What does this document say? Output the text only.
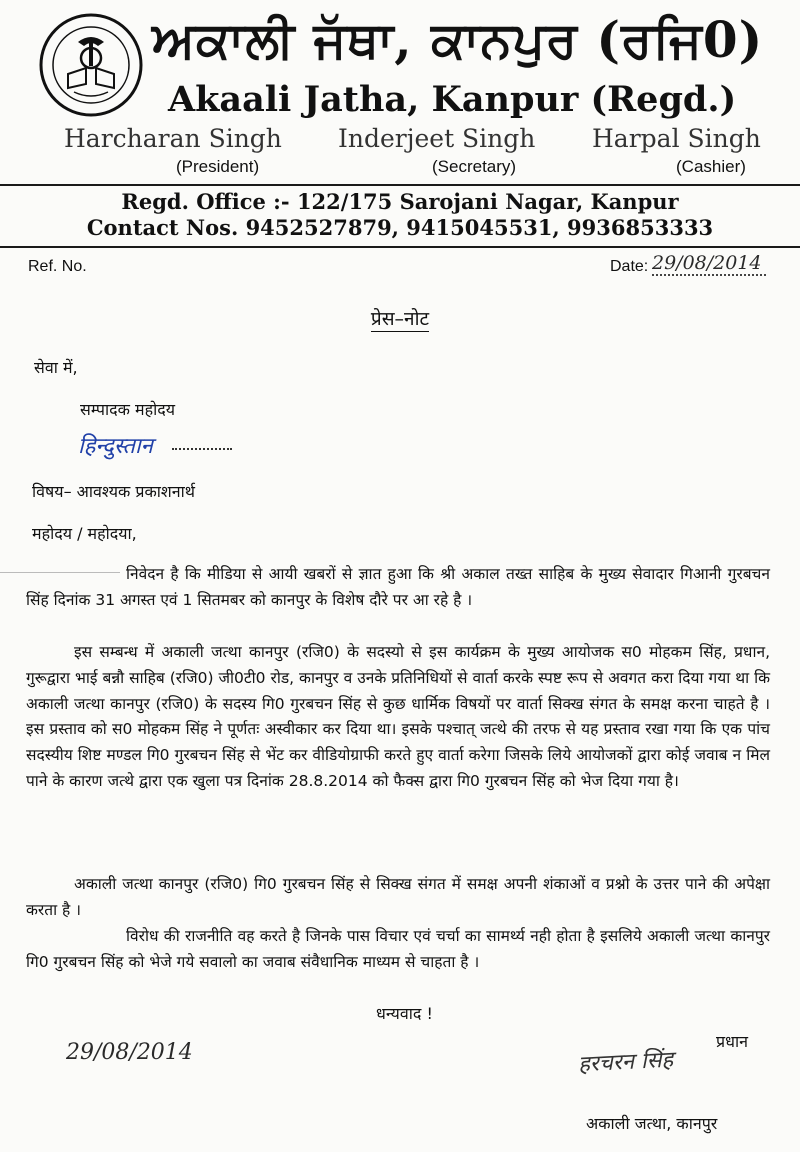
ਅਕਾਲੀ ਜੱਥਾ, ਕਾਨਪੁਰ (ਰਜਿ0)
Akaali Jatha, Kanpur (Regd.)
Harcharan Singh
(President)
Inderjeet Singh
(Secretary)
Harpal Singh
(Cashier)
Regd. Office :- 122/175 Sarojani Nagar, Kanpur
Contact Nos. 9452527879, 9415045531, 9936853333
Ref. No.	Date: 29/08/2014
प्रेस–नोट
सेवा में,
सम्पादक महोदय
हिन्दुस्तान
विषय– आवश्यक प्रकाशनार्थ
महोदय / महोदया,
निवेदन है कि मीडिया से आयी खबरों से ज्ञात हुआ कि श्री अकाल तख्त साहिब के मुख्य सेवादार गिआनी गुरबचन सिंह दिनांक 31 अगस्त एवं 1 सितमबर को कानपुर के विशेष दौरे पर आ रहे है ।
इस सम्बन्ध में अकाली जत्था कानपुर (रजि0) के सदस्यो से इस कार्यक्रम के मुख्य आयोजक स0 मोहकम सिंह, प्रधान, गुरूद्वारा भाई बन्नौ साहिब (रजि0) जी0टी0 रोड, कानपुर व उनके प्रतिनिधियों से वार्ता करके स्पष्ट रूप से अवगत करा दिया गया था कि अकाली जत्था कानपुर (रजि0) के सदस्य गि0 गुरबचन सिंह से कुछ धार्मिक विषयों पर वार्ता सिक्ख संगत के समक्ष करना चाहते है । इस प्रस्ताव को स0 मोहकम सिंह ने पूर्णतः अस्वीकार कर दिया था। इसके पश्चात् जत्थे की तरफ से यह प्रस्ताव रखा गया कि एक पांच सदस्यीय शिष्ट मण्डल गि0 गुरबचन सिंह से भेंट कर वीडियोग्राफी करते हुए वार्ता करेगा जिसके लिये आयोजकों द्वारा कोई जवाब न मिल पाने के कारण जत्थे द्वारा एक खुला पत्र दिनांक 28.8.2014 को फैक्स द्वारा गि0 गुरबचन सिंह को भेज दिया गया है।
अकाली जत्था कानपुर (रजि0) गि0 गुरबचन सिंह से सिक्ख संगत में समक्ष अपनी शंकाओं व प्रश्नो के उत्तर पाने की अपेक्षा करता है ।
विरोध की राजनीति वह करते है जिनके पास विचार एवं चर्चा का सामर्थ्य नही होता है इसलिये अकाली जत्था कानपुर गि0 गुरबचन सिंह को भेजे गये सवालो का जवाब संवैधानिक माध्यम से चाहता है ।
धन्यवाद !
प्रधान
29/08/2014	हरचरन सिंह
अकाली जत्था, कानपुर
